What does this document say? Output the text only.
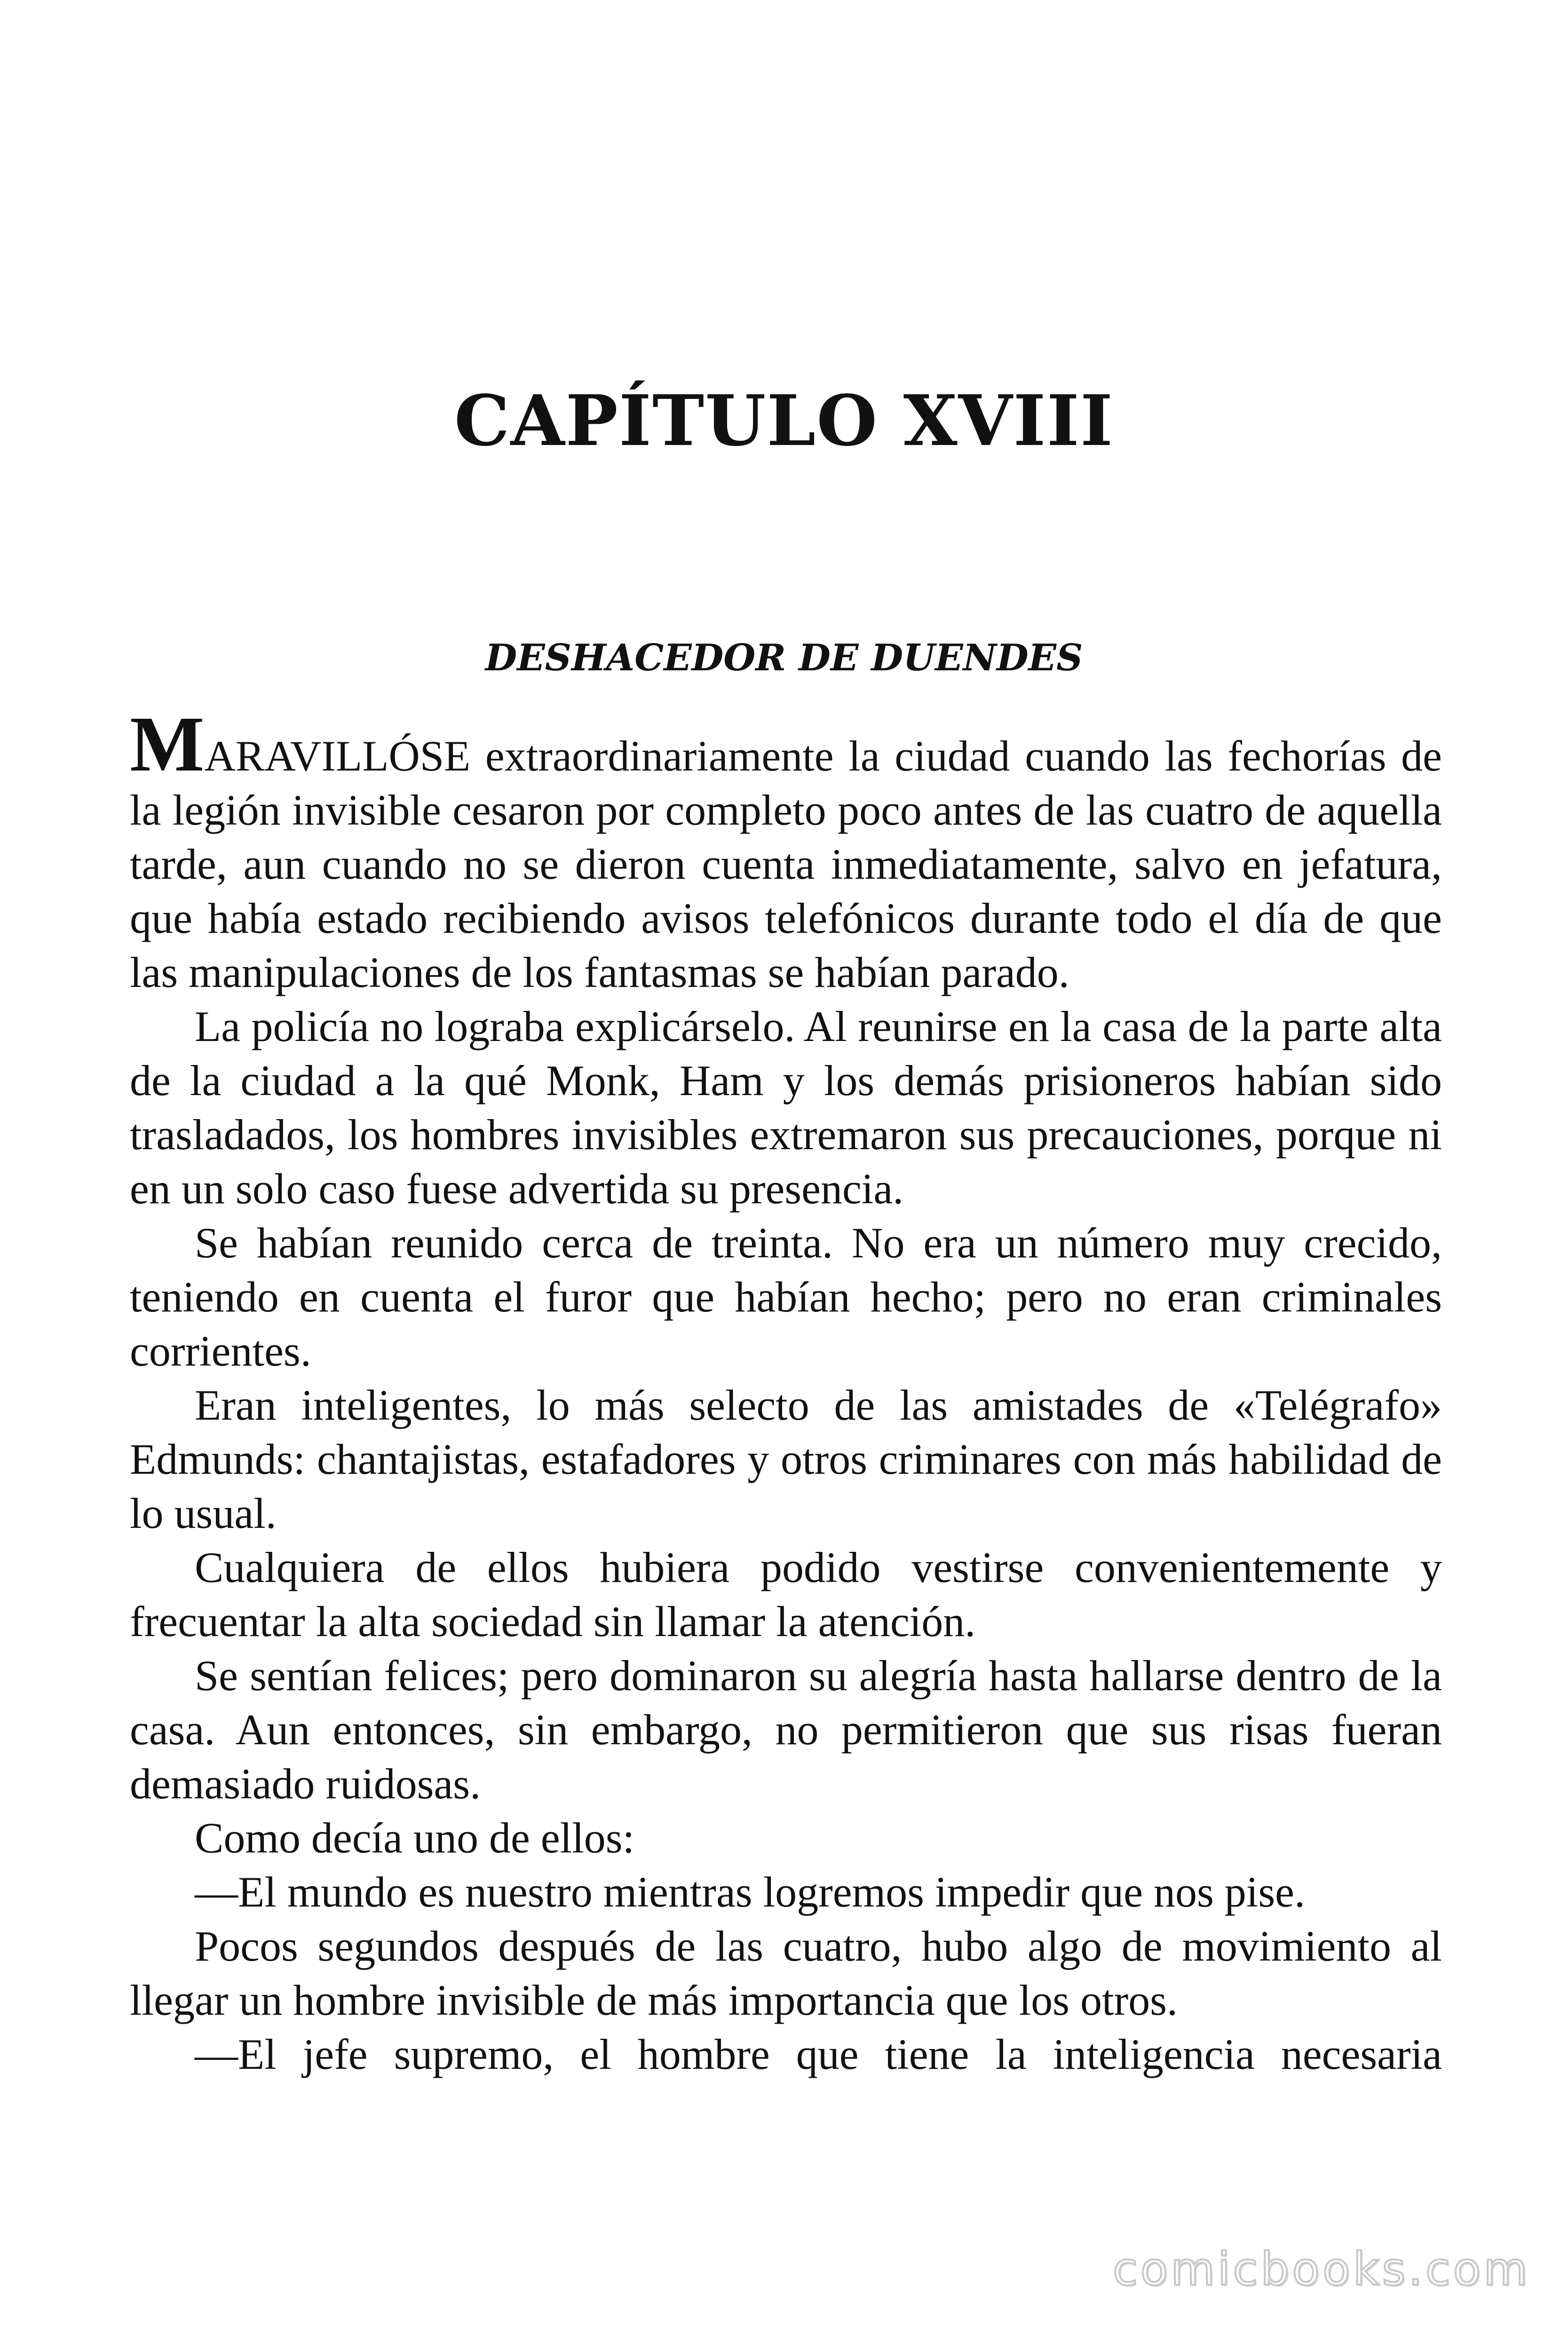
CAPÍTULO XVIII
DESHACEDOR DE DUENDES

MARAVILLÓSE extraordinariamente la ciudad cuando las fechorías de la legión invisible cesaron por completo poco antes de las cuatro de aquella tarde, aun cuando no se dieron cuenta inmediatamente, salvo en jefatura, que había estado recibiendo avisos telefónicos durante todo el día de que las manipulaciones de los fantasmas se habían parado.

La policía no lograba explicárselo. Al reunirse en la casa de la parte alta de la ciudad a la qué Monk, Ham y los demás prisioneros habían sido trasladados, los hombres invisibles extremaron sus precauciones, porque ni en un solo caso fuese advertida su presencia.

Se habían reunido cerca de treinta. No era un número muy crecido, teniendo en cuenta el furor que habían hecho; pero no eran criminales corrientes.

Eran inteligentes, lo más selecto de las amistades de «Telégrafo» Edmunds: chantajistas, estafadores y otros criminares con más habilidad de lo usual.

Cualquiera de ellos hubiera podido vestirse convenientemente y frecuentar la alta sociedad sin llamar la atención.

Se sentían felices; pero dominaron su alegría hasta hallarse dentro de la casa. Aun entonces, sin embargo, no permitieron que sus risas fueran demasiado ruidosas.

Como decía uno de ellos:

—El mundo es nuestro mientras logremos impedir que nos pise.

Pocos segundos después de las cuatro, hubo algo de movimiento al llegar un hombre invisible de más importancia que los otros.

—El jefe supremo, el hombre que tiene la inteligencia necesaria

comicbooks.com
